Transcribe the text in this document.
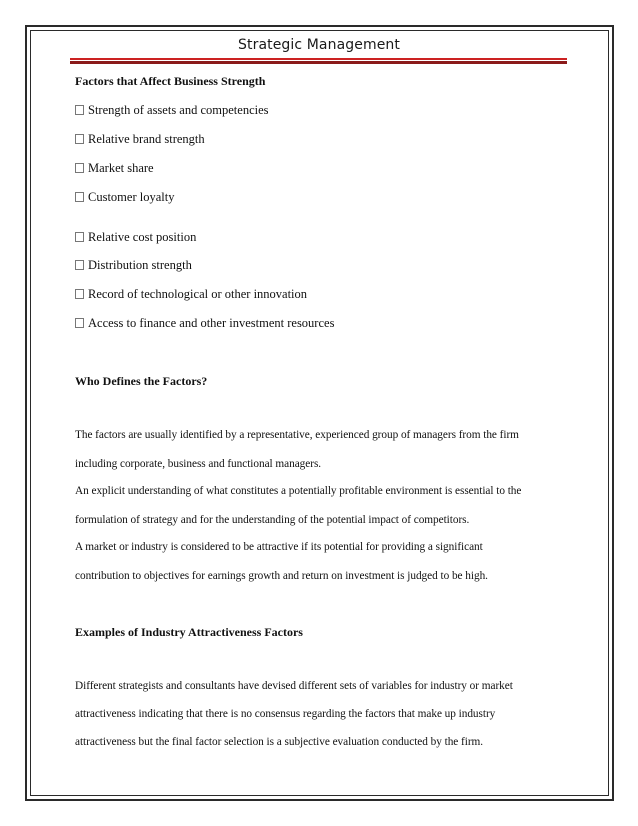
Strategic Management
Factors that Affect Business Strength
Strength of assets and competencies
Relative brand strength
Market share
Customer loyalty
Relative cost position
Distribution strength
Record of technological or other innovation
Access to finance and other investment resources
Who Defines the Factors?
The factors are usually identified by a representative, experienced group of managers from the firm
including corporate, business and functional managers.
An explicit understanding of what constitutes a potentially profitable environment is essential to the
formulation of strategy and for the understanding of the potential impact of competitors.
A market or industry is considered to be attractive if its potential for providing a significant
contribution to objectives for earnings growth and return on investment is judged to be high.
Examples of Industry Attractiveness Factors
Different strategists and consultants have devised different sets of variables for industry or market
attractiveness indicating that there is no consensus regarding the factors that make up industry
attractiveness but the final factor selection is a subjective evaluation conducted by the firm.
